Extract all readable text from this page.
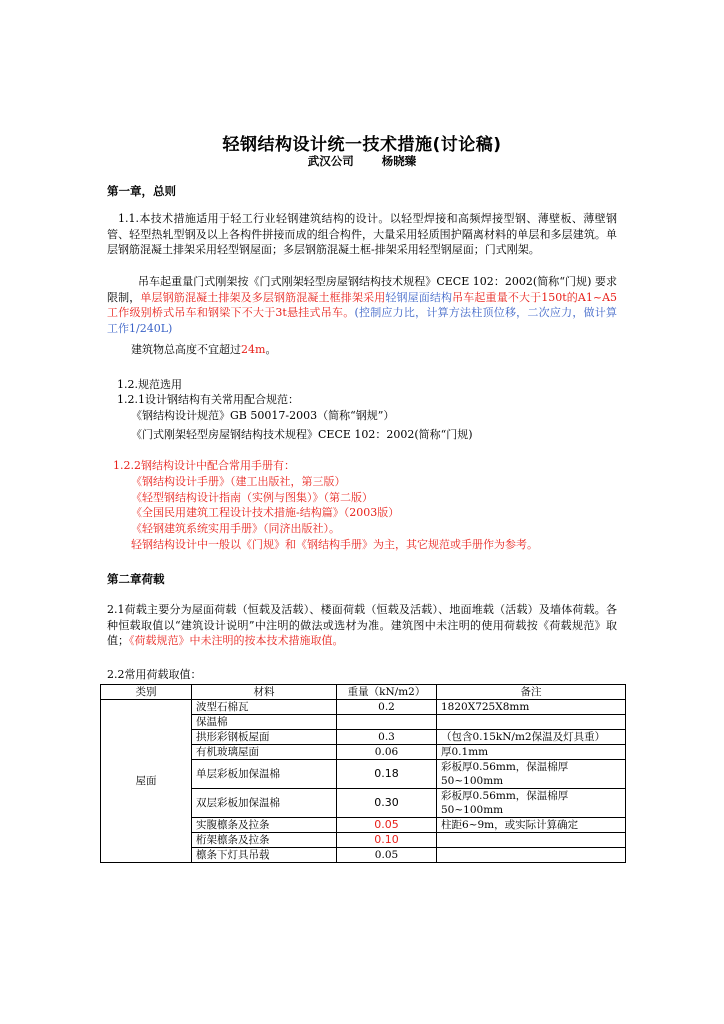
轻钢结构设计统一技术措施(讨论稿)
武汉公司 杨晓臻
第一章，总则
1.1.本技术措施适用于轻工行业轻钢建筑结构的设计。以轻型焊接和高频焊接型钢、薄壁板、薄壁钢管、轻型热轧型钢及以上各构件拼接而成的组合构件，大量采用轻质围护隔离材料的单层和多层建筑。单层钢筋混凝土排架采用轻型钢屋面；多层钢筋混凝土框-排架采用轻型钢屋面；门式刚架。
吊车起重量门式刚架按《门式刚架轻型房屋钢结构技术规程》CECE 102：2002(简称“门规) 要求限制，单层钢筋混凝土排架及多层钢筋混凝土框排架采用轻钢屋面结构吊车起重量不大于150t的A1~A5工作级别桥式吊车和钢梁下不大于3t悬挂式吊车。(控制应力比，计算方法柱顶位移，二次应力，做计算工作1/240L)
建筑物总高度不宜超过24m。
1.2.规范选用
1.2.1设计钢结构有关常用配合规范：
《钢结构设计规范》GB 50017-2003（简称“钢规”）
《门式刚架轻型房屋钢结构技术规程》CECE 102：2002(简称“门规)
1.2.2钢结构设计中配合常用手册有：
《钢结构设计手册》（建工出版社，第三版）
《轻型钢结构设计指南（实例与图集）》（第二版）
《全国民用建筑工程设计技术措施-结构篇》（2003版）
《轻钢建筑系统实用手册》（同济出版社）。
轻钢结构设计中一般以《门规》和《钢结构手册》为主，其它规范或手册作为参考。
第二章荷载
2.1荷载主要分为屋面荷载（恒载及活载）、楼面荷载（恒载及活载）、地面堆载（活载）及墙体荷载。各种恒载取值以“建筑设计说明”中注明的做法或选材为准。建筑图中未注明的使用荷载按《荷载规范》取值；《荷载规范》中未注明的按本技术措施取值。
2.2常用荷载取值：
类别	材料	重量（kN/m2）	备注
屋面	波型石棉瓦	0.2	1820X725X8mm
	保温棉		
	拱形彩钢板屋面	0.3	（包含0.15kN/m2保温及灯具重）
	有机玻璃屋面	0.06	厚0.1mm
	单层彩板加保温棉	0.18	彩板厚0.56mm，保温棉厚
50~100mm
	双层彩板加保温棉	0.30	彩板厚0.56mm，保温棉厚
50~100mm
	实腹檩条及拉条	0.05	柱距6~9m，或实际计算确定
	桁架檩条及拉条	0.10	
	檩条下灯具吊载	0.05	
